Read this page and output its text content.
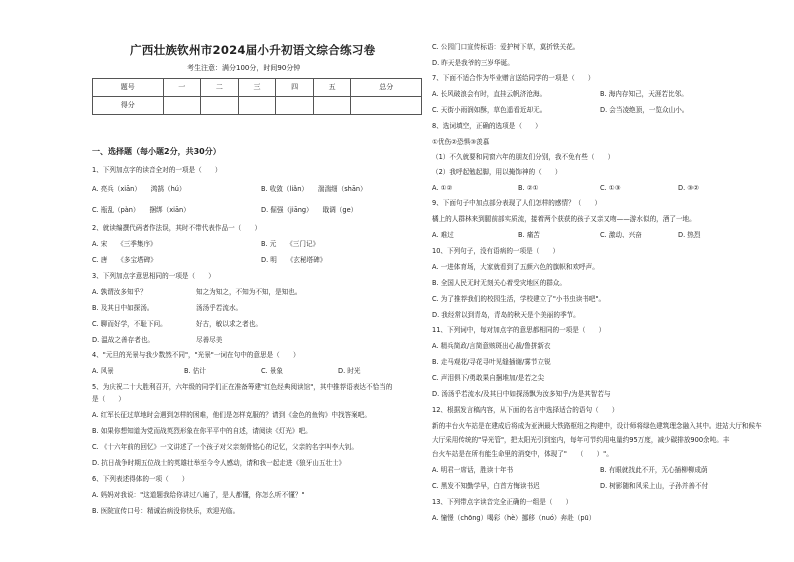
广西壮族钦州市2024届小升初语文综合练习卷
考生注意：满分100分，时间90分钟
题号	一	二	三	四	五	总分
得分						
一、选择题（每小题2分，共30分）
1、下列加点字的读音全对的一项是（　　）
A. 亮兵（xiān）　　鸿鹄（hú）	B. 收敛（liǎn）　　湍湍细（shān）
C. 瓶乱（pàn）　　捆绑（xiān）	D. 倔强（jiāng）　　戢调（ge）
2、就读编撰代码者作法误，其时不带代表作品一（　　）
A. 宋　　《三季集序》	B. 元　　《三门记》
C. 唐　　《多宝塔碑》	D. 明　　《玄秘塔碑》
3、下列加点字意思相同的一项是（　　）
A. 孰谓汝多知乎？	知之为知之，不知为不知，是知也。
B. 及其日中如探汤。	汤汤乎若流水。
C. 聊而好学，不耻下问。	好古，敏以求之者也。
D. 温故之善存者也。	尽善尽美
4、"元旦的光景与我少数然不同"，"光景"一词在句中的意思是（　　）
A. 风景	B. 估计	C. 景象	D. 时光
5、为庆祝二十大胜利召开，六年级的同学们正在准备筹建"红色经典阅读馆"，其中推荐语表达不恰当的
是（　　）
A. 红军长征过草地时会遇到怎样的困难，他们是怎样克服的？请到《金色的鱼钩》中找答案吧。
B. 如果你想知道为党而战英烈形象在你平平中的自述，请阅读《灯光》吧。
C. 《十六年前的回忆》一文讲述了一个孩子对父亲刻骨铭心的记忆，父亲的名字叫李大钊。
D. 抗日战争时期五位战士的英雄壮举至今令人感动，请和我一起走进《狼牙山五壮士》
6、下列表述得体的一项（　　）
A. 妈妈对我说："这道题我给你讲过八遍了，是人都懂，你怎么听不懂？"
B. 医院宣传口号：精诚治病没你快乐，欢迎光临。
C. 公园门口宣传标语：爱护树下草，莫折铁关花。
D. 昨天是我爷的三岁华诞。
7、下面不适合作为毕业赠言送给同学的一项是（　　）
A. 长风破浪会有时，直挂云帆济沧海。	B. 海内存知己，天涯若比邻。
C. 天街小雨润如酥，草色遥看近却无。	D. 会当凌绝顶，一览众山小。
8、选词填空，正确的选项是（　　）
①优伤②恐惧③羡慕
（1）不久就要和同窗六年的朋友们分别，我不免有些（　　）
（2）我呼起勉起脚，用以掩饰神的（　　）
A. ①②	B. ②①	C. ①③	D. ③②
9、下面句子中加点部分表现了人们怎样的感情？（　　）
橘上的人群林来到腿前部实质流，接着两个获获的孩子又亲又吻——游水似的，酒了一地。
A. 难过	B. 痛苦	C. 激动、兴奋	D. 热烈
10、下列句子，没有语病的一项是（　　）
A. 一进体育场，大家就看到了五颜六色的旗帜和欢呼声。
B. 全国人民无时无刻关心着受灾地区的群众。
C. 为了推荐我们的校园生活，学校建立了"小书虫读书吧"。
D. 我经常以到青岛，青岛的秋天是个美丽的季节。
11、下列词中，每对加点字的意思都相同的一项是（　　）
A. 精兵简政/言简意赅斑出心裁/鲁拼新衣
B. 走马观花/寻花寻叶见缝插谢/雾节立锐
C. 声泪俱下/勇敢果自捆堆加/是若之尖
D. 汤汤乎若流水/及其日中如探汤飘为汝多知乎/为是其智若与
12、根据发言稿内容，从下面的名言中选择适合的语句（　　）
新的丰台火车站是在建成后将成为亚洲最大铁路枢纽之构建中，设计师将绿色建筑理念融入其中。进站大厅和候车
大厅采用传统的"导光管"，把太阳光引到室内，每年可节约用电量约95万度，减少碳排放900余吨。丰
台火车站是在所有能生命里的消变中，体现了"　　（　　）"。
A. 明君一席话，胜读十年书	B. 有眼就找此不开，无心插柳柳成荫
C. 黑发不知勤学早，白首方悔读书迟	D. 树影随和风采上山，子孙并善不付
13、下列带点字读音完全正确的一组是（　　）
A. 憧憬（chōng）喝彩（hè）挪移（nuó）奔赴（pū）
